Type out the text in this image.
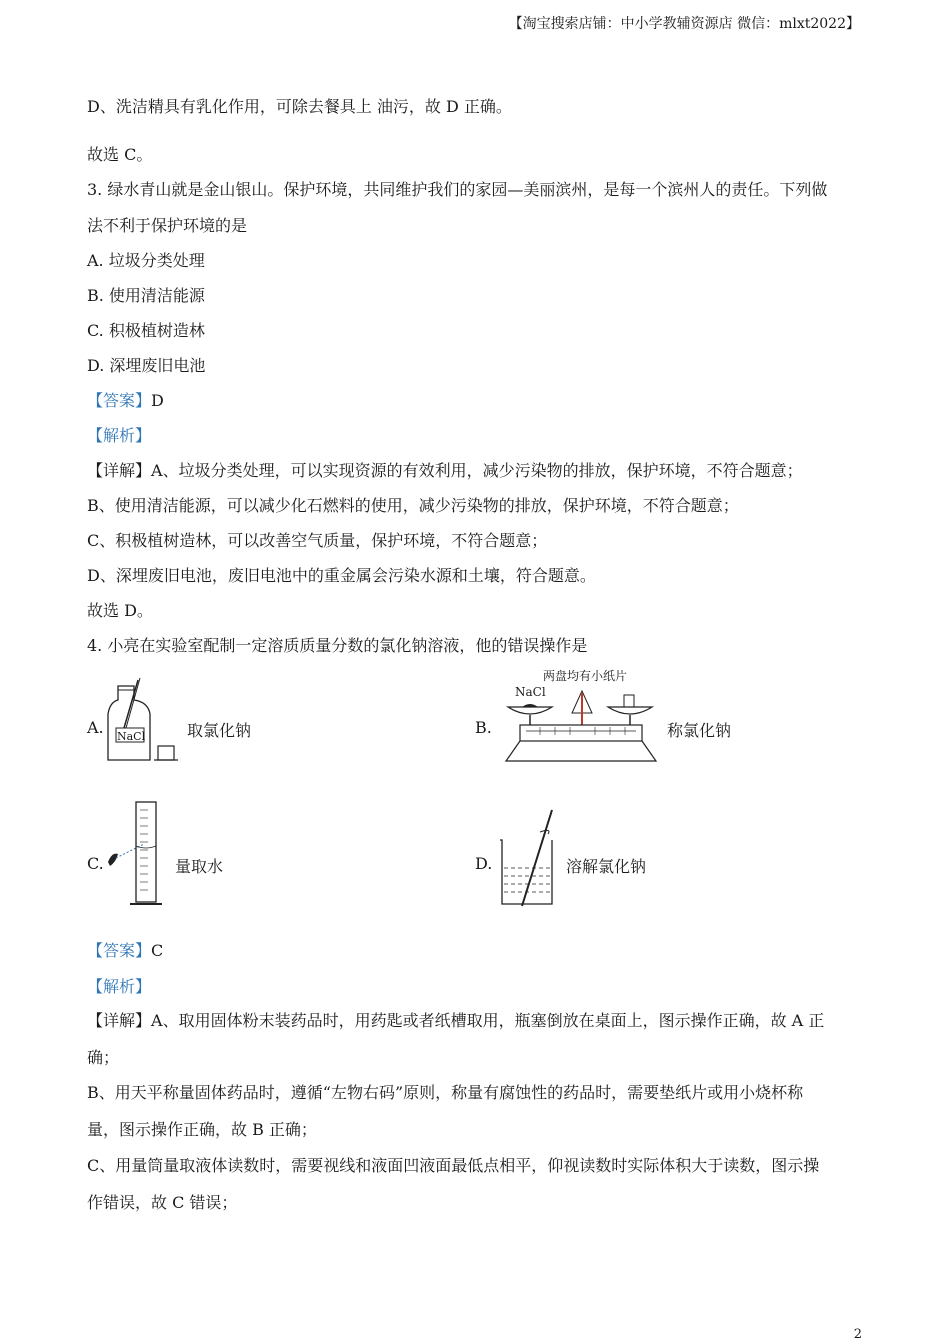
【淘宝搜索店铺：中小学教辅资源店 微信：mlxt2022】
D、洗洁精具有乳化作用，可除去餐具上 油污，故 D 正确。
故选 C。
3. 绿水青山就是金山银山。保护环境，共同维护我们的家园—美丽滨州，是每一个滨州人的责任。下列做
法不利于保护环境的是
A. 垃圾分类处理
B. 使用清洁能源
C. 积极植树造林
D. 深埋废旧电池
【答案】D
【解析】
【详解】A、垃圾分类处理，可以实现资源的有效利用，减少污染物的排放，保护环境，不符合题意；
B、使用清洁能源，可以减少化石燃料的使用，减少污染物的排放，保护环境，不符合题意；
C、积极植树造林，可以改善空气质量，保护环境，不符合题意；
D、深埋废旧电池，废旧电池中的重金属会污染水源和土壤，符合题意。
故选 D。
4. 小亮在实验室配制一定溶质质量分数的氯化钠溶液，他的错误操作是
A. NaCl	取氯化钠	B.
两盘均有小纸片
NaCl
称氯化钠
C.	量取水	D.	溶解氯化钠
【答案】C
【解析】
【详解】A、取用固体粉末装药品时，用药匙或者纸槽取用，瓶塞倒放在桌面上，图示操作正确，故 A 正
确；
B、用天平称量固体药品时，遵循“左物右码”原则，称量有腐蚀性的药品时，需要垫纸片或用小烧杯称
量，图示操作正确，故 B 正确；
C、用量筒量取液体读数时，需要视线和液面凹液面最低点相平，仰视读数时实际体积大于读数，图示操
作错误，故 C 错误；
2
